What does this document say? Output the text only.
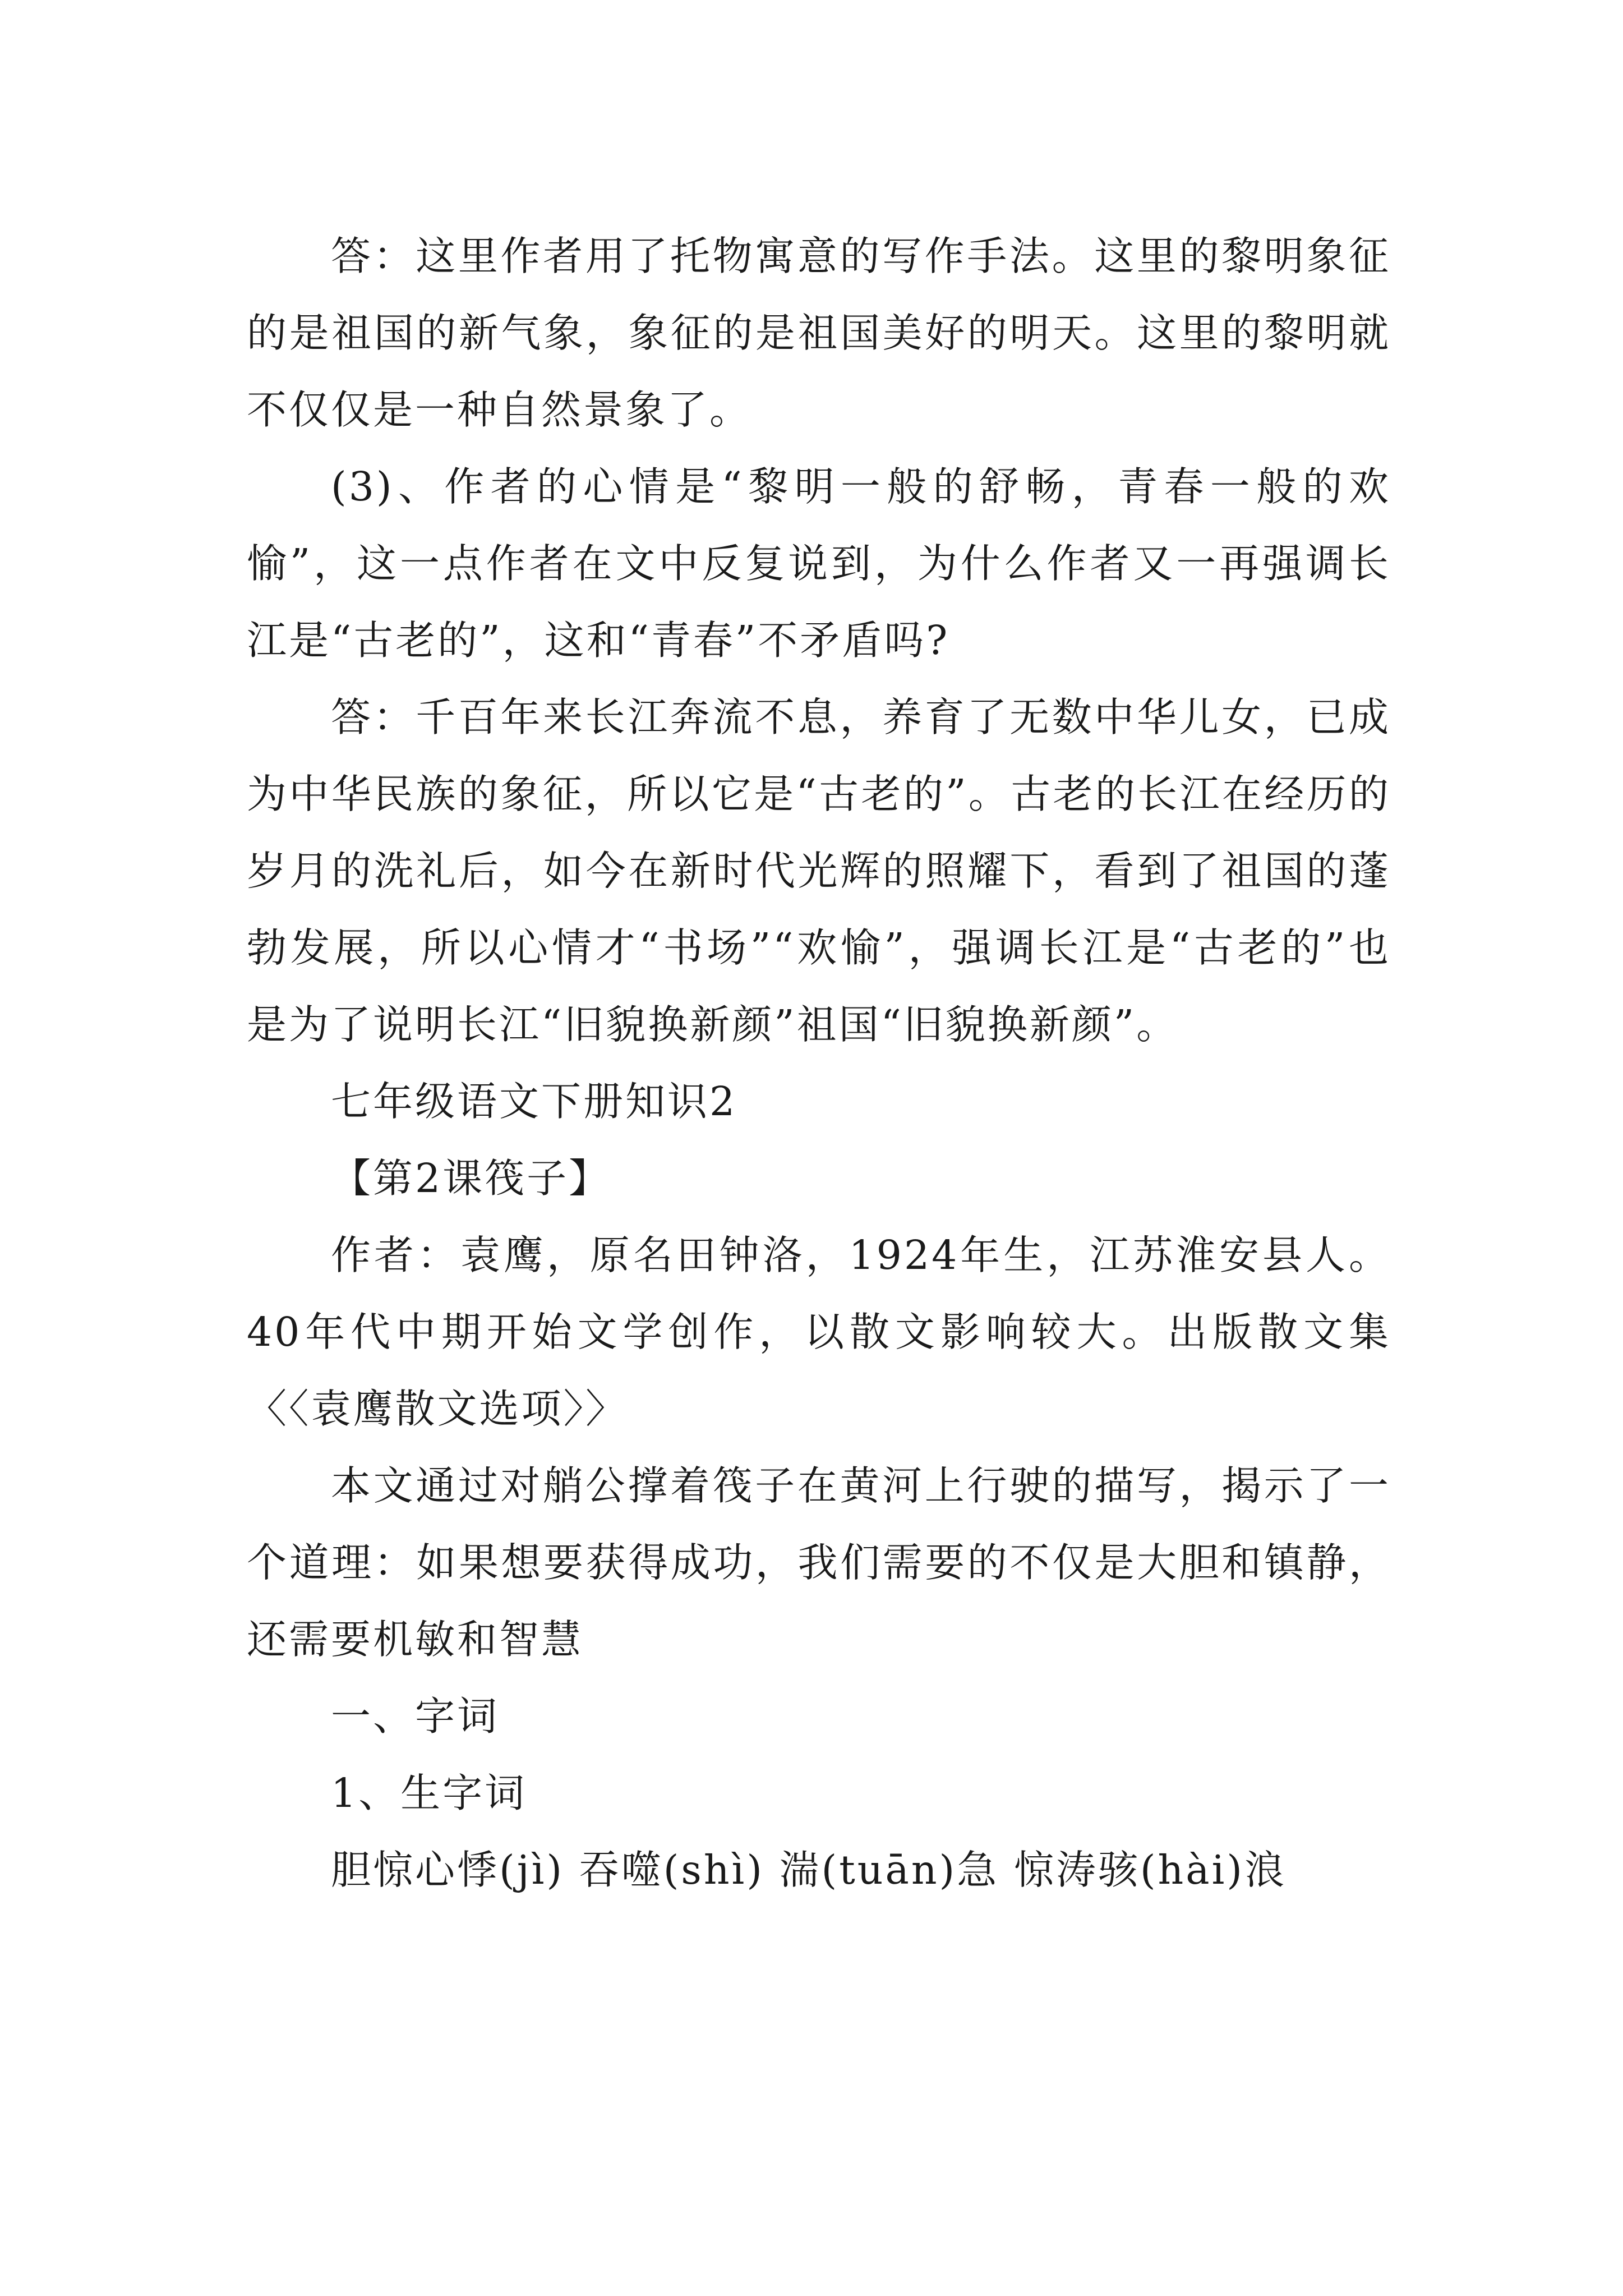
答：这里作者用了托物寓意的写作手法。这里的黎明象征的是祖国的新气象，象征的是祖国美好的明天。这里的黎明就不仅仅是一种自然景象了。

(3)、作者的心情是“黎明一般的舒畅，青春一般的欢愉”，这一点作者在文中反复说到，为什么作者又一再强调长江是“古老的”，这和“青春”不矛盾吗?

答：千百年来长江奔流不息，养育了无数中华儿女，已成为中华民族的象征，所以它是“古老的”。古老的长江在经历的岁月的洗礼后，如今在新时代光辉的照耀下，看到了祖国的蓬勃发展，所以心情才“书场”“欢愉”，强调长江是“古老的”也是为了说明长江“旧貌换新颜”祖国“旧貌换新颜”。

七年级语文下册知识2

【第2课筏子】

作者：袁鹰，原名田钟洛，1924年生，江苏淮安县人。40年代中期开始文学创作，以散文影响较大。出版散文集〈〈袁鹰散文选项〉〉

本文通过对艄公撑着筏子在黄河上行驶的描写，揭示了一个道理：如果想要获得成功，我们需要的不仅是大胆和镇静，还需要机敏和智慧

一、字词

1、生字词

胆惊心悸(jì) 吞噬(shì) 湍(tuān)急 惊涛骇(hài)浪
